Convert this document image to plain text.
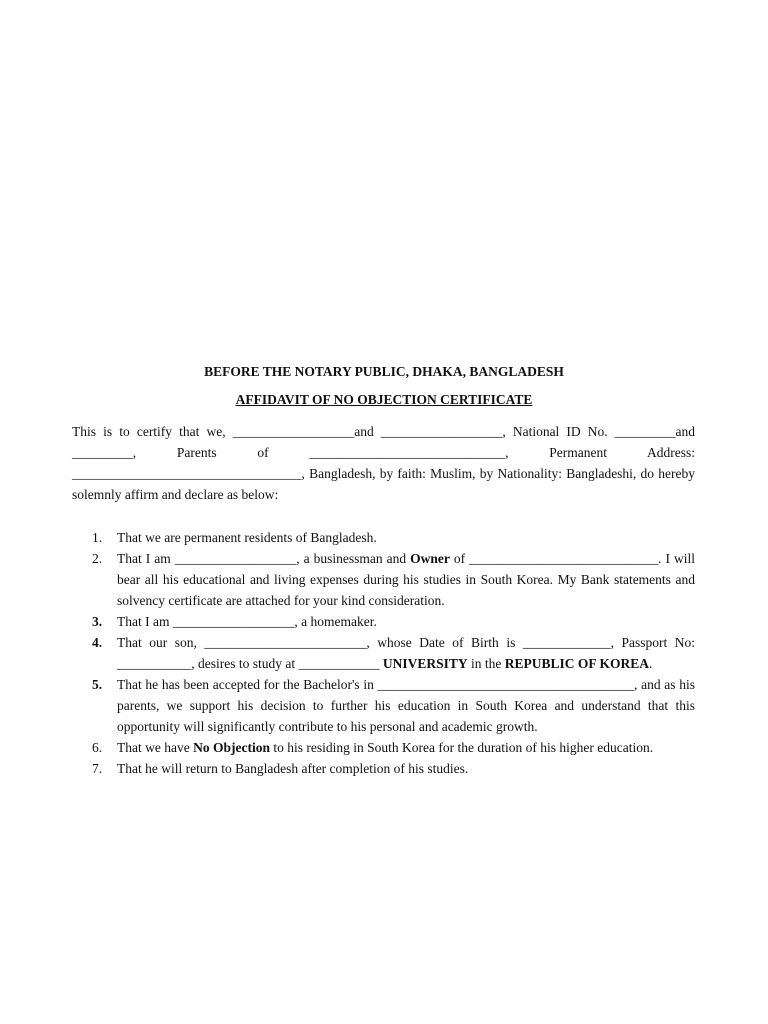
BEFORE THE NOTARY PUBLIC, DHAKA, BANGLADESH
AFFIDAVIT OF NO OBJECTION CERTIFICATE
This is to certify that we, __________________and __________________, National ID No. _________and _________, Parents of _____________________________, Permanent Address: __________________________________, Bangladesh, by faith: Muslim, by Nationality: Bangladeshi, do hereby solemnly affirm and declare as below:
1.	That we are permanent residents of Bangladesh.
2.	That I am __________________, a businessman and Owner of ____________________________. I will bear all his educational and living expenses during his studies in South Korea. My Bank statements and solvency certificate are attached for your kind consideration.
3.	That I am __________________, a homemaker.
4.	That our son, ________________________, whose Date of Birth is _____________, Passport No: ___________, desires to study at ____________ UNIVERSITY in the REPUBLIC OF KOREA.
5.	That he has been accepted for the Bachelor's in ______________________________________, and as his parents, we support his decision to further his education in South Korea and understand that this opportunity will significantly contribute to his personal and academic growth.
6.	That we have No Objection to his residing in South Korea for the duration of his higher education.
7.	That he will return to Bangladesh after completion of his studies.
